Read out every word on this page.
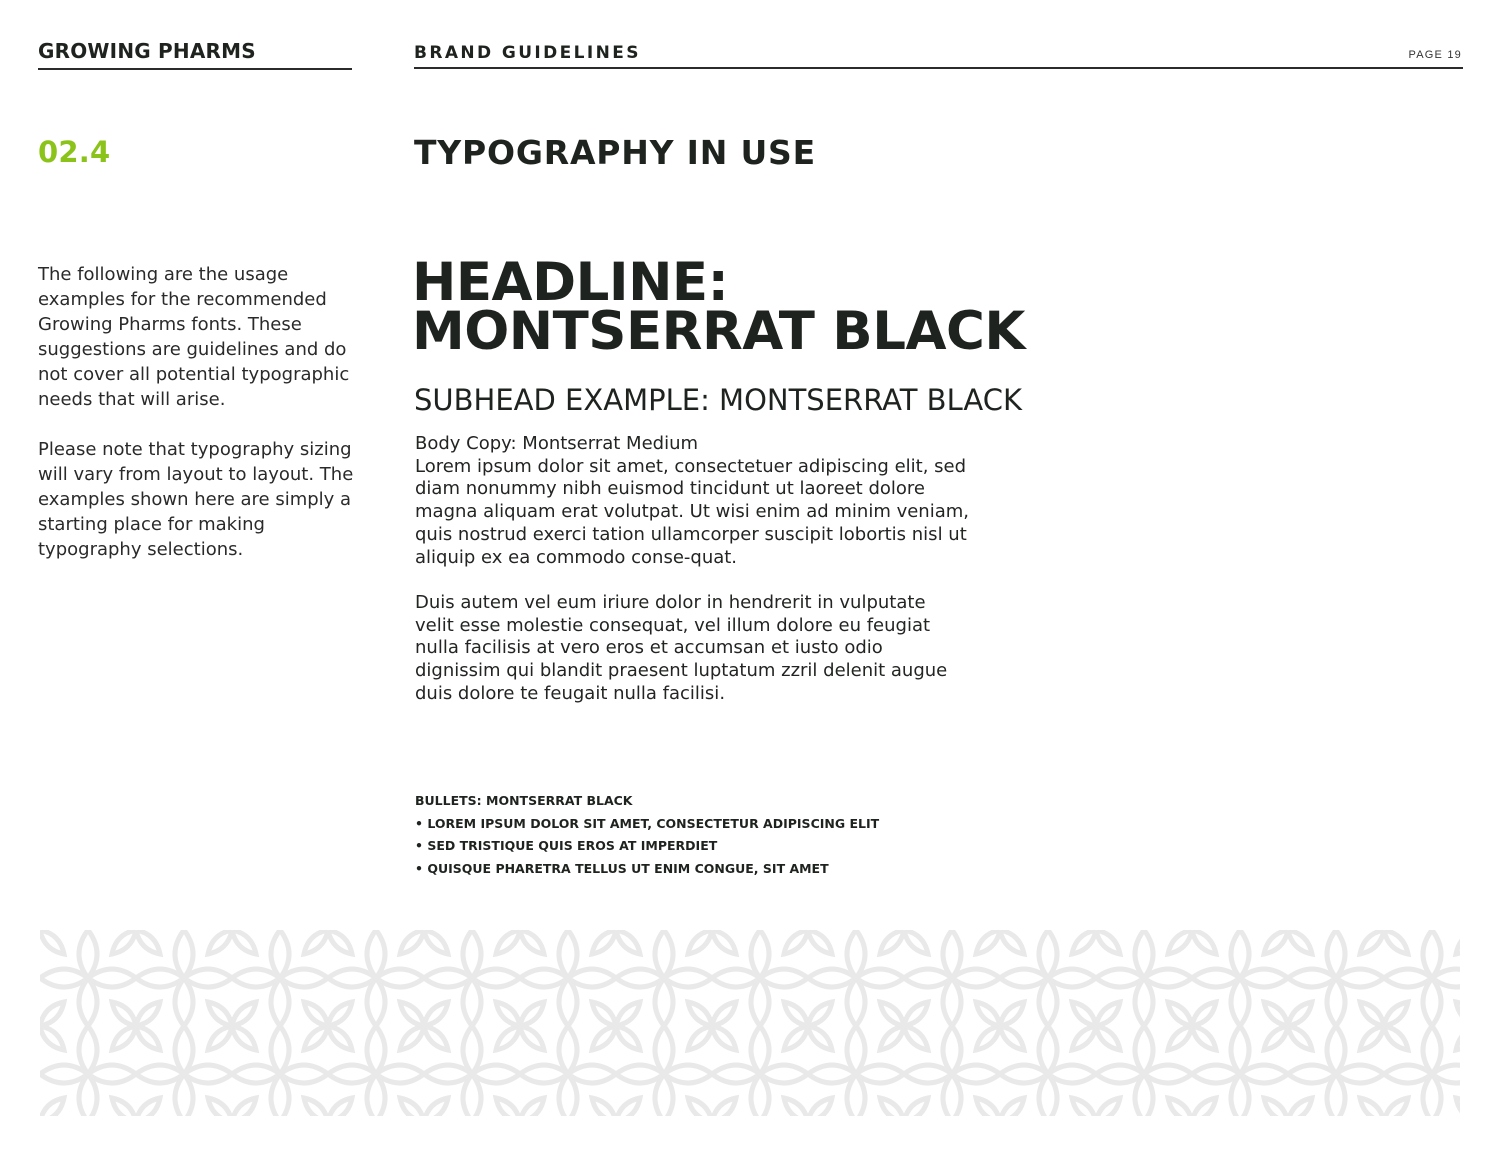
GROWING PHARMS	BRAND GUIDELINES	PAGE 19
02.4	TYPOGRAPHY IN USE

The following are the usage examples for the recommended Growing Pharms fonts. These suggestions are guidelines and do not cover all potential typographic needs that will arise.

Please note that typography sizing will vary from layout to layout. The examples shown here are simply a starting place for making typography selections.

HEADLINE:
MONTSERRAT BLACK
SUBHEAD EXAMPLE: MONTSERRAT BLACK

Body Copy: Montserrat Medium

Lorem ipsum dolor sit amet, consectetuer adipiscing elit, sed diam nonummy nibh euismod tincidunt ut laoreet dolore magna aliquam erat volutpat. Ut wisi enim ad minim veniam, quis nostrud exerci tation ullamcorper suscipit lobortis nisl ut aliquip ex ea commodo conse-quat.

Duis autem vel eum iriure dolor in hendrerit in vulputate velit esse molestie consequat, vel illum dolore eu feugiat nulla facilisis at vero eros et accumsan et iusto odio dignissim qui blandit praesent luptatum zzril delenit augue duis dolore te feugait nulla facilisi.

BULLETS: MONTSERRAT BLACK
• LOREM IPSUM DOLOR SIT AMET, CONSECTETUR ADIPISCING ELIT
• SED TRISTIQUE QUIS EROS AT IMPERDIET
• QUISQUE PHARETRA TELLUS UT ENIM CONGUE, SIT AMET
